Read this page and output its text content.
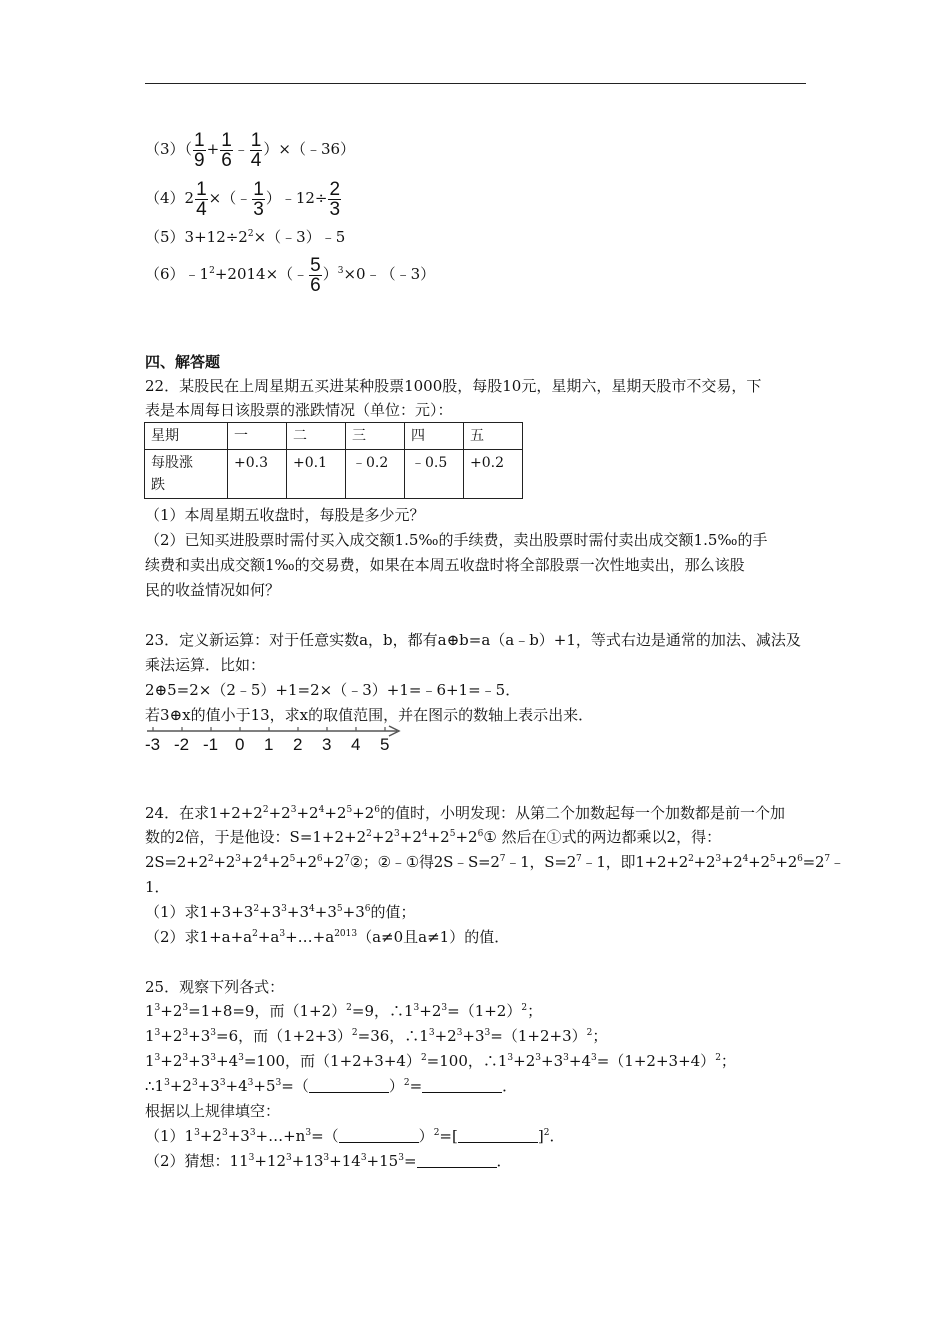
$(3)( \frac{1}{9} + \frac{1}{6}$ ﹣ $\frac{1}{4}$ ）×（﹣36）
$(4)2 \frac{1}{4}$ ×（﹣ $\frac{1}{3}$ ）﹣12÷ $\frac{2}{3}$
$(5)3+12\div 2^2\times(﹣3)﹣5$
$(6)﹣1^2+2014\times(﹣ \frac{5}{6}$ ）$^3$×0﹣（﹣3）
四、解答题
22．某股民在上周星期五买进某种股票1000股，每股10元，星期六，星期天股市不交易，下
表是本周每日该股票的涨跌情况（单位：元）：
星期	一	二	三	四	五
每股涨
跌	+0.3	+0.1	﹣0.2	﹣0.5	+0.2
（1）本周星期五收盘时，每股是多少元？
（2）已知买进股票时需付买入成交额1.5‰的手续费，卖出股票时需付卖出成交额1.5‰的手
续费和卖出成交额1‰的交易费，如果在本周五收盘时将全部股票一次性地卖出，那么该股
民的收益情况如何？
23．定义新运算：对于任意实数a，b，都有a⊕b=a（a﹣b）+1，等式右边是通常的加法、减法及
乘法运算．比如：
2⊕5=2×（2﹣5）+1=2×（﹣3）+1=﹣6+1=﹣5．
若3⊕x的值小于13，求x的取值范围，并在图示的数轴上表示出来．
-3 -2 -1 0 1 2 3 4 5
24．在求$1+2+2^2+2^3+2^4+2^5+2^6$的值时，小明发现：从第二个加数起每一个加数都是前一个加
数的2倍，于是他设：$S=1+2+2^2+2^3+2^4+2^5+2^6①$ 然后在①式的两边都乘以2，得：
$2S=2+2^2+2^3+2^4+2^5+2^6+2^7②$；②﹣①得$2S﹣S=2^7﹣1$，$S=2^7﹣1$，即$1+2+2^2+2^3+2^4+2^5+2^6=2^7﹣$
1．
（1）求$1+3+3^2+3^3+3^4+3^5+3^6$的值；
（2）求$1+a+a^2+a^3+\dots+a^{2013}(a\ne 0$且a≠1）的值．
25．观察下列各式：
$1^3+2^3=1+8=9$，而$(1+2)^2=9$，$\therefore 1^3+2^3=(1+2)^2$；
$1^3+2^3+3^3=6$，而$(1+2+3)^2=36$，$\therefore 1^3+2^3+3^3=(1+2+3)^2$；
$1^3+2^3+3^3+4^3=100$，而$(1+2+3+4)^2=100$，$\therefore 1^3+2^3+3^3+4^3=(1+2+3+4)^2$；
$\therefore 1^3+2^3+3^3+4^3+5^3=$（	）$^2$=	．
根据以上规律填空：
$(1)1^3+2^3+3^3+\dots+n^3=$（	）$^2$=[	]$^2$．
（2）猜想：$11^3+12^3+13^3+14^3+15^3=$	．
